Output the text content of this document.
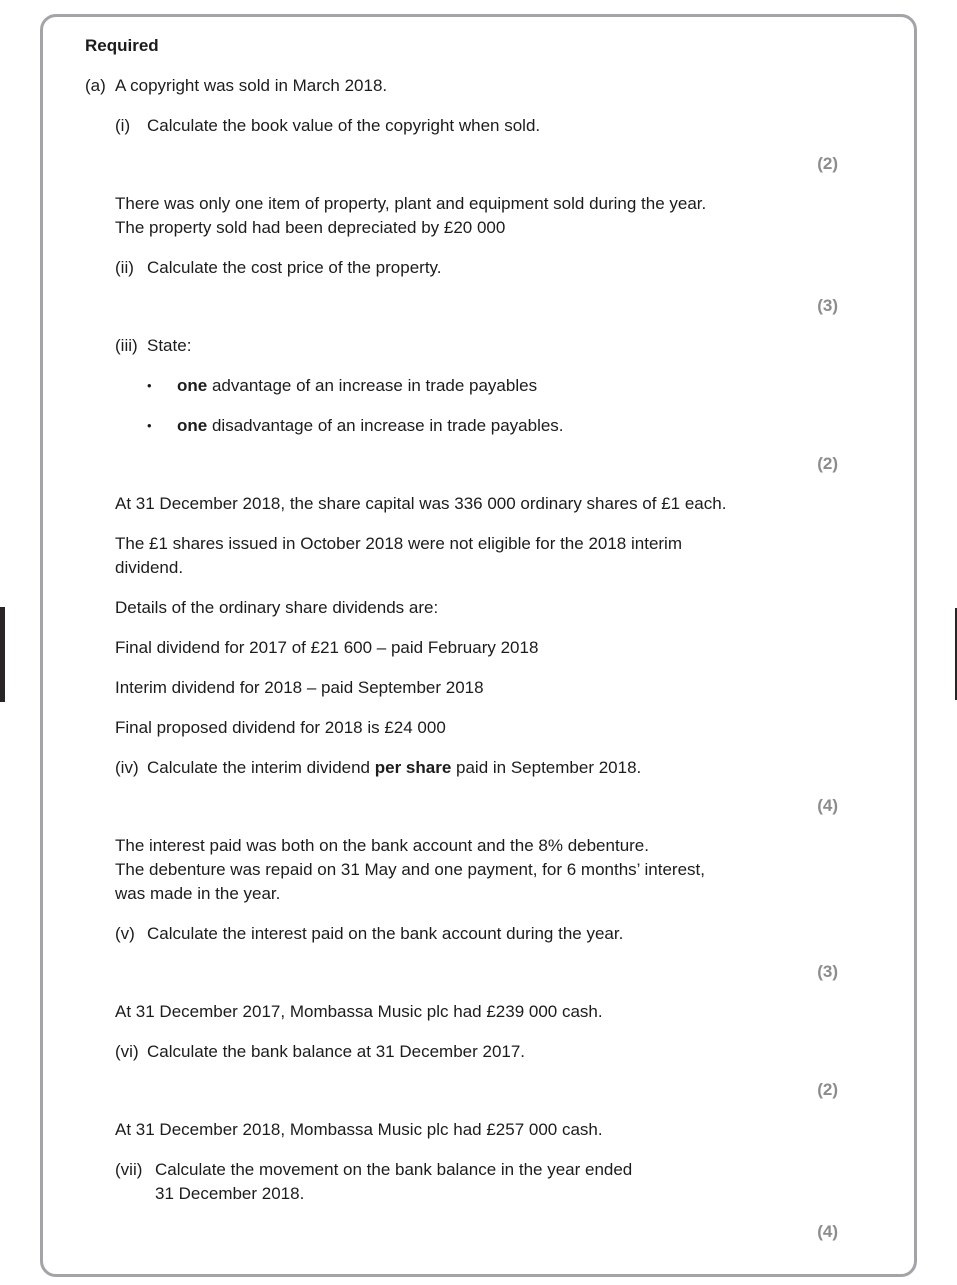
Required

(a) A copyright was sold in March 2018.
(i) Calculate the book value of the copyright when sold.
(2)
There was only one item of property, plant and equipment sold during the year.
The property sold had been depreciated by £20 000
(ii) Calculate the cost price of the property.
(3)
(iii) State:
•	one advantage of an increase in trade payables
•	one disadvantage of an increase in trade payables.
(2)
At 31 December 2018, the share capital was 336 000 ordinary shares of £1 each.
The £1 shares issued in October 2018 were not eligible for the 2018 interim
dividend.
Details of the ordinary share dividends are:
Final dividend for 2017 of £21 600 – paid February 2018
Interim dividend for 2018 – paid September 2018
Final proposed dividend for 2018 is £24 000
(iv) Calculate the interim dividend per share paid in September 2018.
(4)
The interest paid was both on the bank account and the 8% debenture.
The debenture was repaid on 31 May and one payment, for 6 months’ interest,
was made in the year.
(v) Calculate the interest paid on the bank account during the year.
(3)
At 31 December 2017, Mombassa Music plc had £239 000 cash.
(vi) Calculate the bank balance at 31 December 2017.
(2)
At 31 December 2018, Mombassa Music plc had £257 000 cash.
(vii) Calculate the movement on the bank balance in the year ended
31 December 2018.
(4)
